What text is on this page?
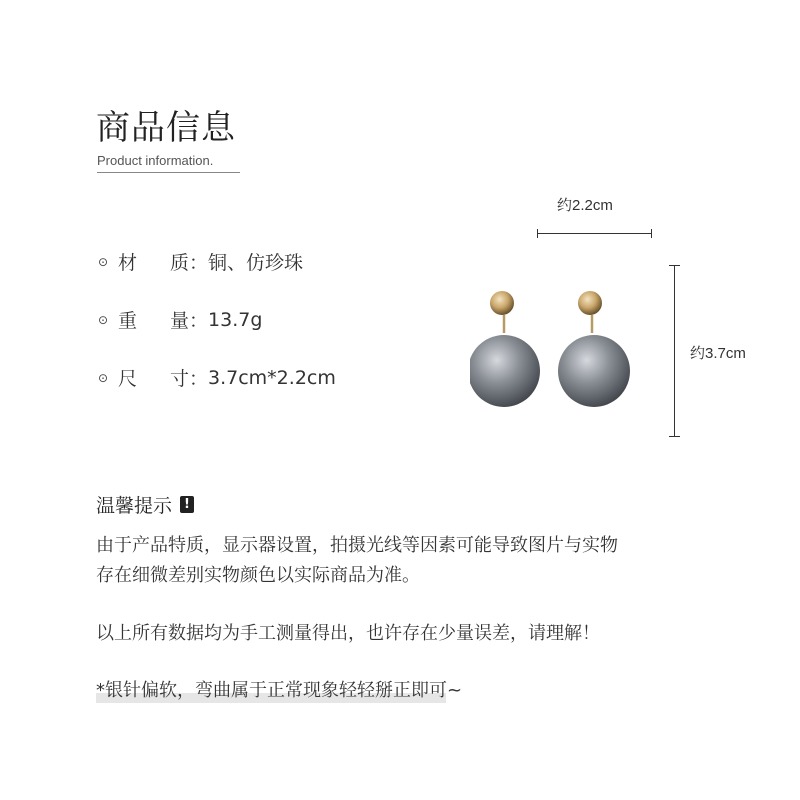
商品信息
Product information.
⊙ 材 质： 铜、仿珍珠
⊙ 重 量： 13.7g
⊙ 尺 寸： 3.7cm*2.2cm
约2.2cm
约3.7cm
温馨提示 !
由于产品特质，显示器设置，拍摄光线等因素可能导致图片与实物
存在细微差别实物颜色以实际商品为准。
以上所有数据均为手工测量得出，也许存在少量误差，请理解！
*银针偏软，弯曲属于正常现象轻轻掰正即可~
